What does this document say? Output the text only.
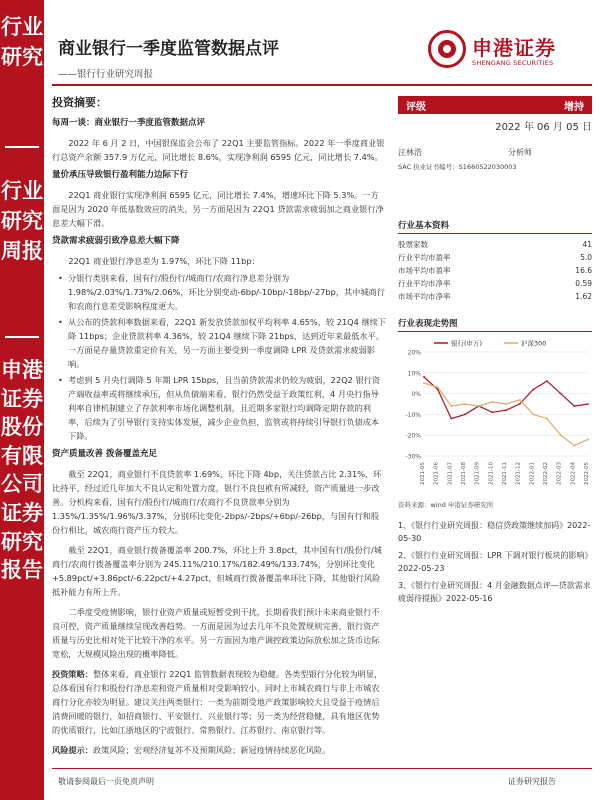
行业研究
行业研究周报
申港证券股份有限公司证券研究报告
商业银行一季度监管数据点评
——银行行业研究周报
申港证券
SHENGANG SECURITIES
投资摘要：
每周一谈：商业银行一季度监管数据点评
2022 年 6 月 2 日，中国银保监会公布了 22Q1 主要监管指标。2022 年一季度商业银行总资产余额 357.9 万亿元，同比增长 8.6%，实现净利润 6595 亿元，同比增长 7.4%。
量价承压导致银行盈利能力边际下行
22Q1 商业银行实现净利润 6595 亿元，同比增长 7.4%，增速环比下降 5.3%。一方面是因为 2020 年低基数效应的消失，另一方面是因为 22Q1 贷款需求疲弱加之商业银行净息差大幅下滑。
贷款需求疲弱引致净息差大幅下降
22Q1 商业银行净息差为 1.97%，环比下降 11bp：
• 分银行类别来看，国有行/股份行/城商行/农商行净息差分别为 1.98%/2.03%/1.73%/2.06%，环比分别变动-6bp/-10bp/-18bp/-27bp，其中城商行和农商行息差受影响程度更大。
• 从公布的贷款利率数据来看，22Q1 新发放贷款加权平均利率 4.65%，较 21Q4 继续下降 11bps；企业贷款利率 4.36%，较 21Q4 继续下降 21bps，达到近年来最低水平。一方面是存量贷款重定价有关，另一方面主要受到一季度调降 LPR 及贷款需求疲弱影响。
• 考虑到 5 月央行调降 5 年期 LPR 15bps，且当前贷款需求仍较为疲弱，22Q2 银行资产端收益率或将继续承压，但从负债端来看，银行仍然受益于政策红利，4 月央行指导利率自律机制建立了存款利率市场化调整机制，且近期多家银行均调降定期存款的利率，后续为了引导银行支持实体发展，减少企业负担，监管或将持续引导银行负债成本下降。
资产质量改善 拨备覆盖充足
截至 22Q1，商业银行不良贷款率 1.69%，环比下降 4bp，关注贷款占比 2.31%，环比持平，经过近几年加大不良认定和处置力度，银行不良包袱有所减轻，资产质量进一步改善。分机构来看，国有行/股份行/城商行/农商行不良贷款率分别为 1.35%/1.35%/1.96%/3.37%，分别环比变化-2bps/-2bps/+6bp/-26bp，与国有行和股份行相比，城农商行资产压力较大。
截至 22Q1，商业银行拨备覆盖率 200.7%，环比上升 3.8pct，其中国有行/股份行/城商行/农商行拨备覆盖率分别为 245.11%/210.17%/182.49%/133.74%，分别环比变化+5.89pct/+3.86pct/-6.22pct/+4.27pct，但城商行拨备覆盖率环比下降，其他银行风险抵补能力有所上升。
二季度受疫情影响，银行业资产质量或短暂受到干扰，长期看我们预计未来商业银行不良可控，资产质量继续呈现改善趋势。一方面是因为过去几年不良处置规则完善，银行资产质量与历史比相对处于比较干净的水平。另一方面因为地产调控政策边际放松加之货币边际宽松，大规模风险出现的概率降低。
投资策略：整体来看，商业银行 22Q1 监管数据表现较为稳健。各类型银行分化较为明显，总体看国有行和股份行净息差和资产质量相对受影响较小，同时上市城农商行与非上市城农商行分化亦较为明显。建议关注两类银行：一类为前期受地产政策影响较大且受益于疫情后消费回暖的银行，如招商银行、平安银行、兴业银行等；另一类为经营稳健，具有地区优势的优质银行，比如江浙地区的宁波银行、常熟银行、江苏银行、南京银行等。
风险提示：政策风险；宏观经济复苏不及预期风险；新冠疫情持续恶化风险。
评级	增持
2022 年 06 月 05 日
汪林浩	分析师
SAC 执业证书编号：S1660522030003
行业基本资料
股票家数	41
行业平均市盈率	5.0
市场平均市盈率	16.6
行业平均市净率	0.59
市场平均市净率	1.62
行业表现走势图
-30%
-20%
-10%
0%
10%
20%
2021-05 2021-06 2021-07 2021-08 2021-09 2021-10 2021-11 2021-12 2022-01 2022-02 2022-03 2022-04 2022-05
银行(申万)	沪深300
资料来源：wind 申港证券研究所
1、《银行行业研究周报：稳信贷政策继续加码》2022-05-30
2、《银行行业研究周报：LPR 下调对银行板块的影响》2022-05-23
3、《银行行业研究周报：4 月金融数据点评—贷款需求疲弱待提振》2022-05-16
敬请参阅最后一页免责声明	证券研究报告
